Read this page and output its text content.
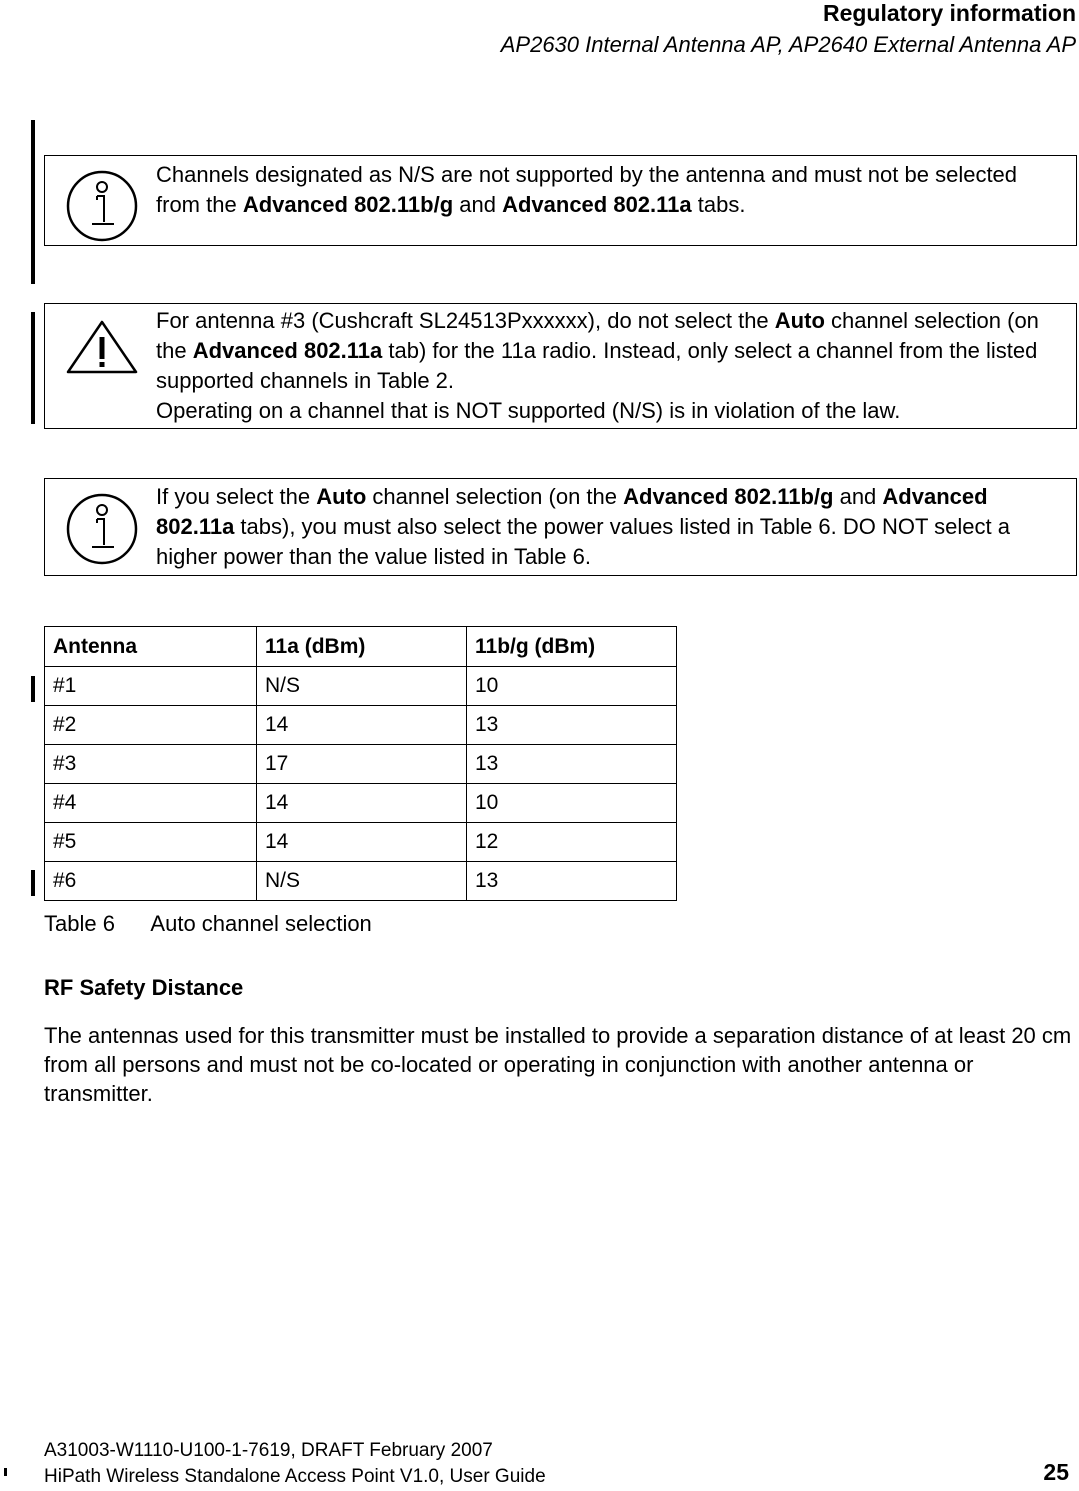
Regulatory information
AP2630 Internal Antenna AP, AP2640 External Antenna AP
Channels designated as N/S are not supported by the antenna and must not be selected from the Advanced 802.11b/g and Advanced 802.11a tabs.
For antenna #3 (Cushcraft SL24513Pxxxxxx), do not select the Auto channel selection (on the Advanced 802.11a tab) for the 11a radio. Instead, only select a channel from the listed supported channels in Table 2.
Operating on a channel that is NOT supported (N/S) is in violation of the law.
If you select the Auto channel selection (on the Advanced 802.11b/g and Advanced 802.11a tabs), you must also select the power values listed in Table 6. DO NOT select a higher power than the value listed in Table 6.
Antenna	11a (dBm)	11b/g (dBm)
#1	N/S	10
#2	14	13
#3	17	13
#4	14	10
#5	14	12
#6	N/S	13
Table 6 Auto channel selection
RF Safety Distance
The antennas used for this transmitter must be installed to provide a separation distance of at least 20 cm from all persons and must not be co-located or operating in conjunction with another antenna or transmitter.
A31003-W1110-U100-1-7619, DRAFT February 2007
HiPath Wireless Standalone Access Point V1.0, User Guide	25
